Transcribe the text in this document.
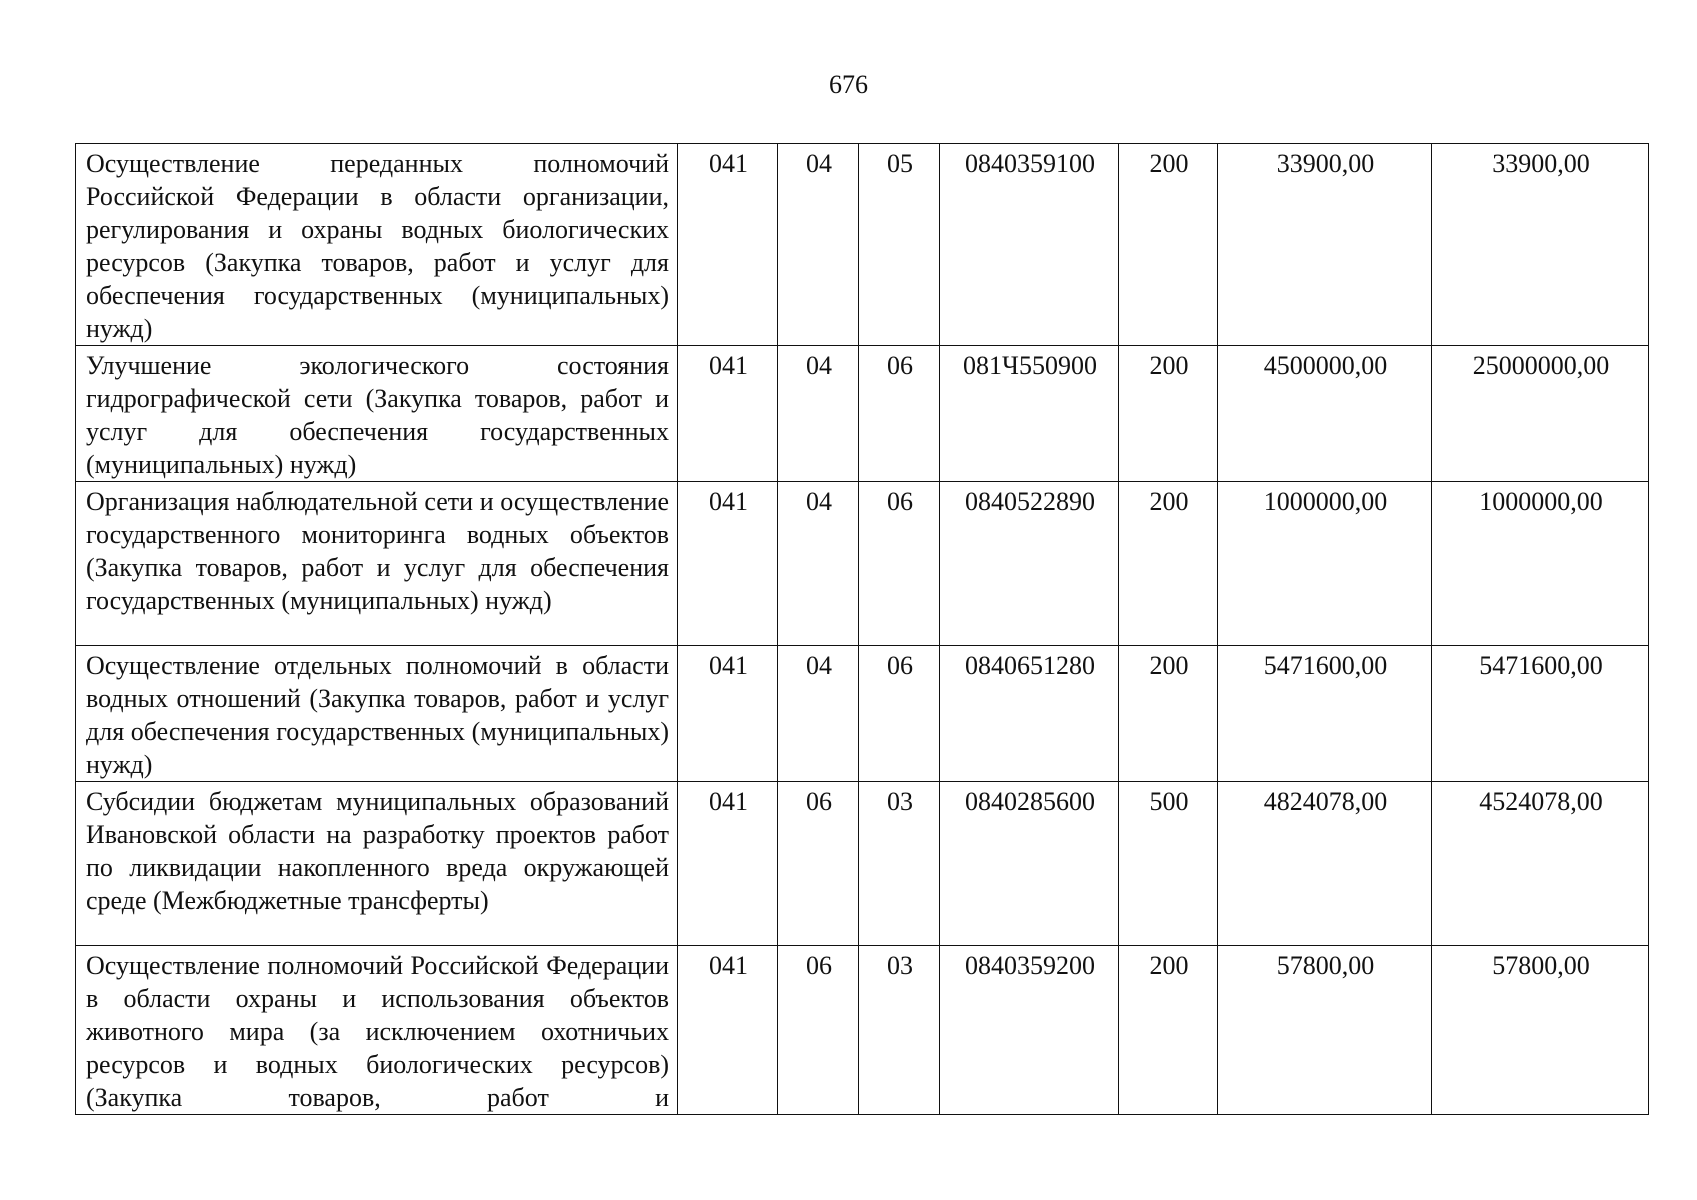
676
Осуществление переданных полномочий Российской Федерации в области организации, регулирования и охраны водных биологических ресурсов (Закупка товаров, работ и услуг для обеспечения государственных (муниципальных) нужд)	041	04	05	0840359100	200	33900,00	33900,00
Улучшение экологического состояния гидрографической сети (Закупка товаров, работ и услуг для обеспечения государственных (муниципальных) нужд)	041	04	06	081Ч550900	200	4500000,00	25000000,00
Организация наблюдательной сети и осуществление государственного мониторинга водных объектов (Закупка товаров, работ и услуг для обеспечения государственных (муниципальных) нужд)	041	04	06	0840522890	200	1000000,00	1000000,00
Осуществление отдельных полномочий в области водных отношений (Закупка товаров, работ и услуг для обеспечения государственных (муниципальных) нужд)	041	04	06	0840651280	200	5471600,00	5471600,00
Субсидии бюджетам муниципальных образований Ивановской области на разработку проектов работ по ликвидации накопленного вреда окружающей среде (Межбюджетные трансферты)	041	06	03	0840285600	500	4824078,00	4524078,00
Осуществление полномочий Российской Федерации в области охраны и использования объектов животного мира (за исключением охотничьих ресурсов и водных биологических ресурсов) (Закупка товаров, работ и	041	06	03	0840359200	200	57800,00	57800,00
